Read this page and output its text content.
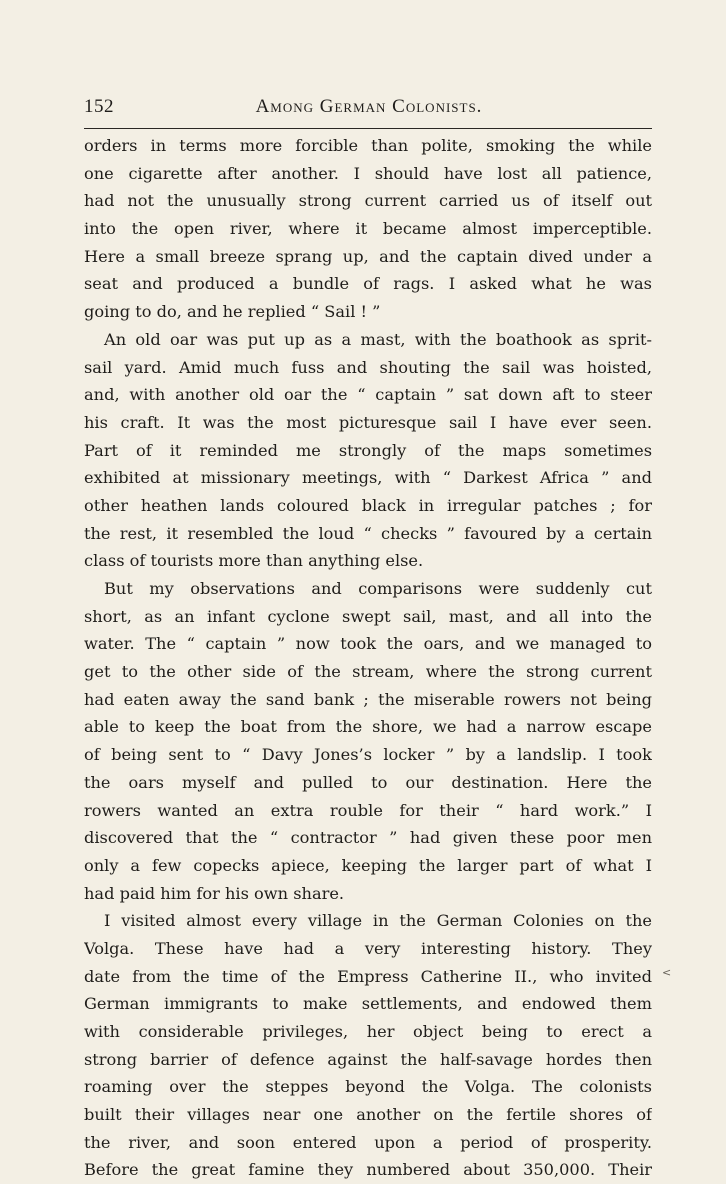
152	Among German Colonists.
orders in terms more forcible than polite, smoking the while
one cigarette after another. I should have lost all patience,
had not the unusually strong current carried us of itself out
into the open river, where it became almost imperceptible.
Here a small breeze sprang up, and the captain dived under a
seat and produced a bundle of rags. I asked what he was
going to do, and he replied “ Sail ! ”
An old oar was put up as a mast, with the boathook as sprit-
sail yard. Amid much fuss and shouting the sail was hoisted,
and, with another old oar the “ captain ” sat down aft to steer
his craft. It was the most picturesque sail I have ever seen.
Part of it reminded me strongly of the maps sometimes
exhibited at missionary meetings, with “ Darkest Africa ” and
other heathen lands coloured black in irregular patches ; for
the rest, it resembled the loud “ checks ” favoured by a certain
class of tourists more than anything else.
But my observations and comparisons were suddenly cut
short, as an infant cyclone swept sail, mast, and all into the
water. The “ captain ” now took the oars, and we managed to
get to the other side of the stream, where the strong current
had eaten away the sand bank ; the miserable rowers not being
able to keep the boat from the shore, we had a narrow escape
of being sent to “ Davy Jones’s locker ” by a landslip. I took
the oars myself and pulled to our destination. Here the
rowers wanted an extra rouble for their “ hard work.” I
discovered that the “ contractor ” had given these poor men
only a few copecks apiece, keeping the larger part of what I
had paid him for his own share.
I visited almost every village in the German Colonies on the
Volga. These have had a very interesting history. They
date from the time of the Empress Catherine II., who invited
German immigrants to make settlements, and endowed them
with considerable privileges, her object being to erect a
strong barrier of defence against the half-savage hordes then
roaming over the steppes beyond the Volga. The colonists
built their villages near one another on the fertile shores of
the river, and soon entered upon a period of prosperity.
Before the great famine they numbered about 350,000. Their
<
